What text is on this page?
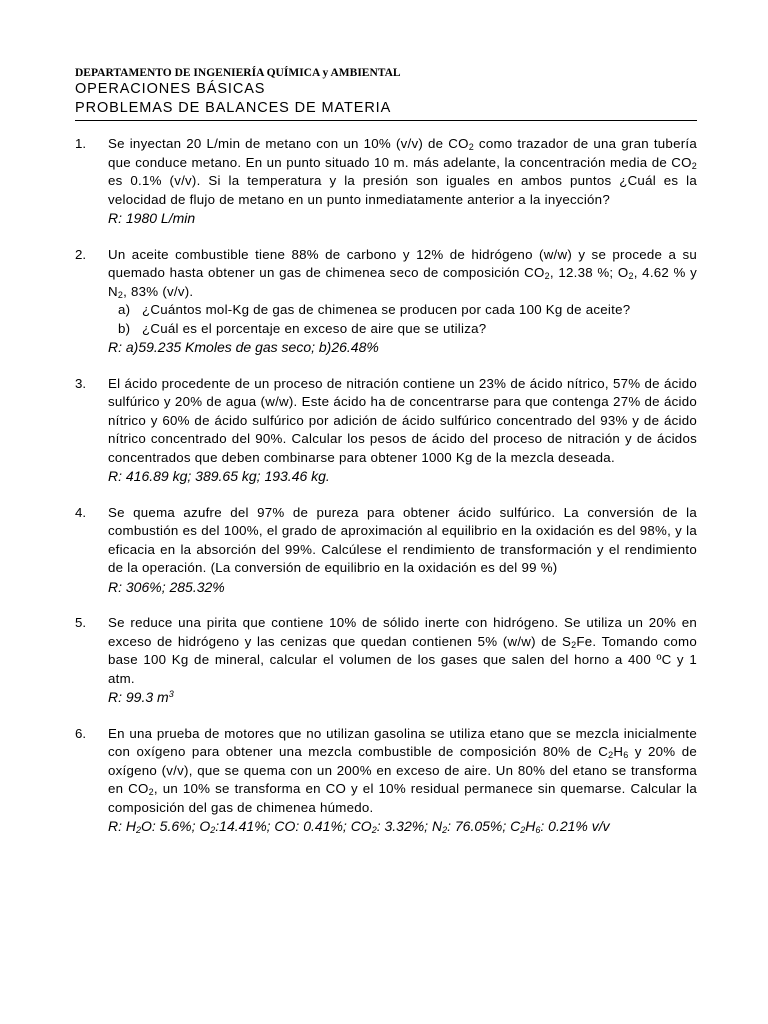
DEPARTAMENTO DE INGENIERÍA QUÍMICA y AMBIENTAL

OPERACIONES BÁSICAS

PROBLEMAS DE BALANCES DE MATERIA

1.	Se inyectan 20 L/min de metano con un 10% (v/v) de $CO_2$ como trazador de una gran tubería que conduce metano. En un punto situado 10 m. más adelante, la concentración media de $CO_2$ es 0.1% (v/v). Si la temperatura y la presión son iguales en ambos puntos ¿Cuál es la velocidad de flujo de metano en un punto inmediatamente anterior a la inyección?

R: 1980 L/min

2.	Un aceite combustible tiene 88% de carbono y 12% de hidrógeno (w/w) y se procede a su quemado hasta obtener un gas de chimenea seco de composición $CO_2$, 12.38 %; $O_2$, 4.62 % y $N_2$, 83% (v/v).

a) ¿Cuántos mol-Kg de gas de chimenea se producen por cada 100 Kg de aceite?
b) ¿Cuál es el porcentaje en exceso de aire que se utiliza?

R: a)59.235 Kmoles de gas seco; b)26.48%

3.	El ácido procedente de un proceso de nitración contiene un 23% de ácido nítrico, 57% de ácido sulfúrico y 20% de agua (w/w). Este ácido ha de concentrarse para que contenga 27% de ácido nítrico y 60% de ácido sulfúrico por adición de ácido sulfúrico concentrado del 93% y de ácido nítrico concentrado del 90%. Calcular los pesos de ácido del proceso de nitración y de ácidos concentrados que deben combinarse para obtener 1000 Kg de la mezcla deseada.

R: 416.89 kg; 389.65 kg; 193.46 kg.

4.	Se quema azufre del 97% de pureza para obtener ácido sulfúrico. La conversión de la combustión es del 100%, el grado de aproximación al equilibrio en la oxidación es del 98%, y la eficacia en la absorción del 99%. Calcúlese el rendimiento de transformación y el rendimiento de la operación. (La conversión de equilibrio en la oxidación es del 99 %)

R: 306%; 285.32%

5.	Se reduce una pirita que contiene 10% de sólido inerte con hidrógeno. Se utiliza un 20% en exceso de hidrógeno y las cenizas que quedan contienen 5% (w/w) de $S_2Fe$. Tomando como base 100 Kg de mineral, calcular el volumen de los gases que salen del horno a 400 ºC y 1 atm.

R: 99.3 $m^3$

6.	En una prueba de motores que no utilizan gasolina se utiliza etano que se mezcla inicialmente con oxígeno para obtener una mezcla combustible de composición 80% de $C_2H_6$ y 20% de oxígeno (v/v), que se quema con un 200% en exceso de aire. Un 80% del etano se transforma en $CO_2$, un 10% se transforma en CO y el 10% residual permanece sin quemarse. Calcular la composición del gas de chimenea húmedo.

R: $H_2O$: 5.6%; $O_2:14.41\%$; CO: 0.41%; $CO_2$: 3.32%; $N_2$: 76.05%; $C_2H_6$: 0.21% v/v
